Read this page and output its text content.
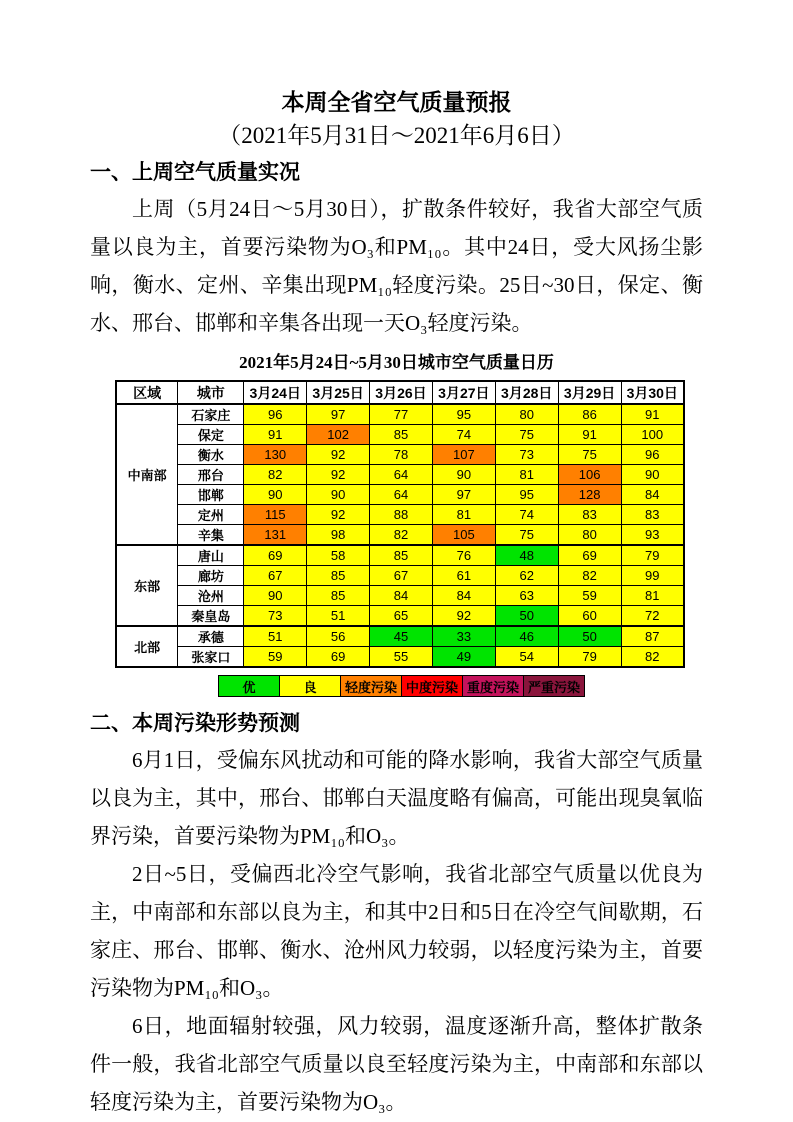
本周全省空气质量预报
（2021年5月31日～2021年6月6日）
一、上周空气质量实况

上周（5月24日～5月30日），扩散条件较好，我省大部空气质量以良为主，首要污染物为O₃和PM₁₀。其中24日，受大风扬尘影响，衡水、定州、辛集出现PM₁₀轻度污染。25日~30日，保定、衡水、邢台、邯郸和辛集各出现一天O₃轻度污染。

2021年5月24日~5月30日城市空气质量日历
区域	城市	3月24日	3月25日	3月26日	3月27日	3月28日	3月29日	3月30日
中南部	石家庄	96	97	77	95	80	86	91
	保定	91	102	85	74	75	91	100
	衡水	130	92	78	107	73	75	96
	邢台	82	92	64	90	81	106	90
	邯郸	90	90	64	97	95	128	84
	定州	115	92	88	81	74	83	83
	辛集	131	98	82	105	75	80	93
东部	唐山	69	58	85	76	48	69	79
	廊坊	67	85	67	61	62	82	99
	沧州	90	85	84	84	63	59	81
	秦皇岛	73	51	65	92	50	60	72
北部	承德	51	56	45	33	46	50	87
	张家口	59	69	55	49	54	79	82
优	良	轻度污染 中度污染 重度污染 严重污染
二、本周污染形势预测

6月1日，受偏东风扰动和可能的降水影响，我省大部空气质量以良为主，其中，邢台、邯郸白天温度略有偏高，可能出现臭氧临界污染，首要污染物为PM₁₀和O₃。

2日~5日，受偏西北冷空气影响，我省北部空气质量以优良为主，中南部和东部以良为主，和其中2日和5日在冷空气间歇期，石家庄、邢台、邯郸、衡水、沧州风力较弱，以轻度污染为主，首要污染物为PM₁₀和O₃。

6日，地面辐射较强，风力较弱，温度逐渐升高，整体扩散条件一般，我省北部空气质量以良至轻度污染为主，中南部和东部以轻度污染为主，首要污染物为O₃。
